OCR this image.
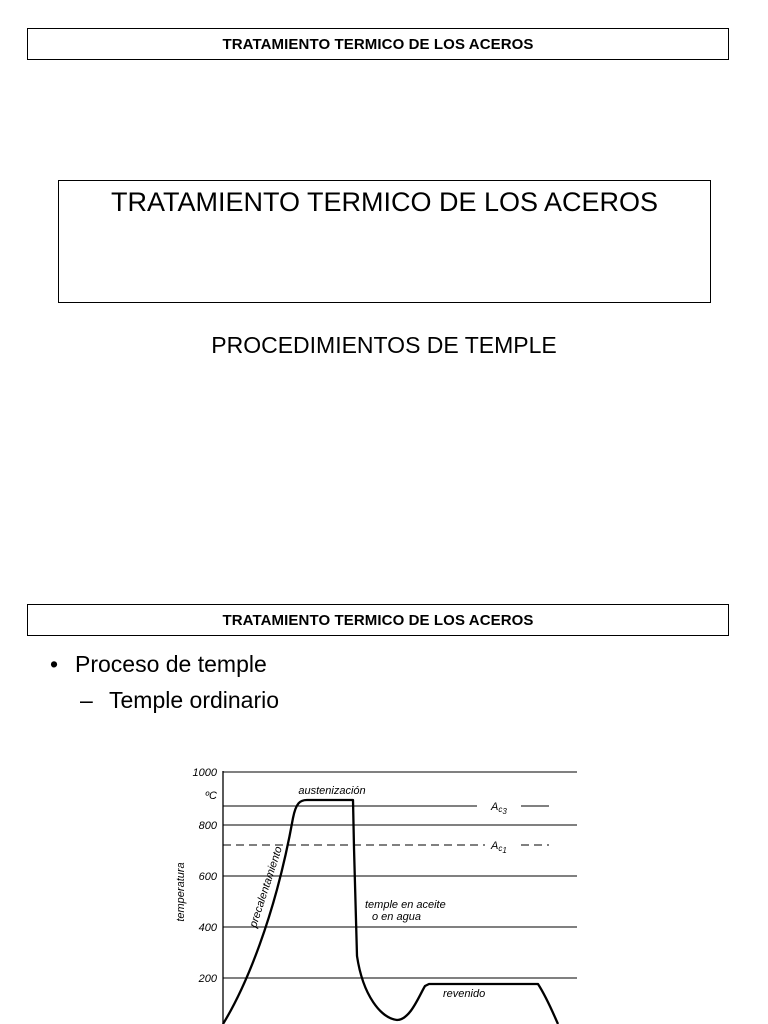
TRATAMIENTO TERMICO DE LOS ACEROS
TRATAMIENTO TERMICO DE LOS ACEROS
PROCEDIMIENTOS DE TEMPLE
TRATAMIENTO TERMICO DE LOS ACEROS
• Proceso de temple
– Temple ordinario
1000
ºC
800
600
400
200
temperatura	precalentamiento
austenización
temple en aceite
o en agua
revenido
Ac3
Ac1
